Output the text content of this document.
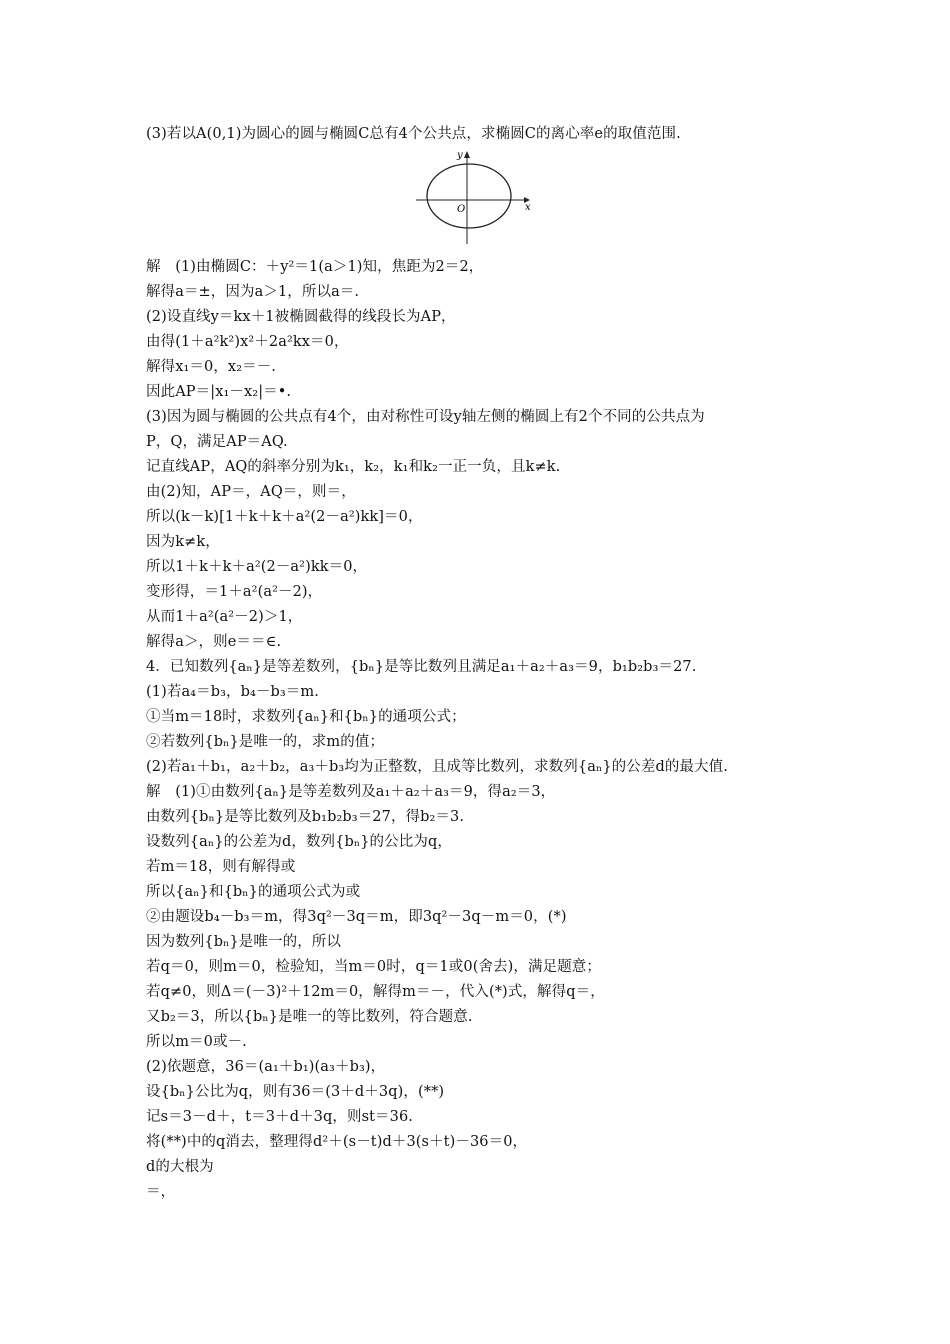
(3)若以A(0,1)为圆心的圆与椭圆C总有4个公共点，求椭圆C的离心率e的取值范围.
y
x
O
解　(1)由椭圆C：＋y²＝1(a＞1)知，焦距为2＝2，
解得a＝±，因为a＞1，所以a＝.
(2)设直线y＝kx＋1被椭圆截得的线段长为AP，
由得(1＋a²k²)x²＋2a²kx＝0，
解得x₁＝0，x₂＝－.
因此AP＝|x₁－x₂|＝•.
(3)因为圆与椭圆的公共点有4个，由对称性可设y轴左侧的椭圆上有2个不同的公共点为
P，Q，满足AP＝AQ.
记直线AP，AQ的斜率分别为k₁，k₂，k₁和k₂一正一负，且k≠k.
由(2)知，AP＝，AQ＝，则＝，
所以(k－k)[1＋k＋k＋a²(2－a²)kk]＝0，
因为k≠k，
所以1＋k＋k＋a²(2－a²)kk＝0，
变形得，＝1＋a²(a²－2)，
从而1＋a²(a²－2)＞1，
解得a＞，则e＝＝∈.
4．已知数列{aₙ}是等差数列，{bₙ}是等比数列且满足a₁＋a₂＋a₃＝9，b₁b₂b₃＝27.
(1)若a₄＝b₃，b₄－b₃＝m.
①当m＝18时，求数列{aₙ}和{bₙ}的通项公式；
②若数列{bₙ}是唯一的，求m的值；
(2)若a₁＋b₁，a₂＋b₂，a₃＋b₃均为正整数，且成等比数列，求数列{aₙ}的公差d的最大值.
解　(1)①由数列{aₙ}是等差数列及a₁＋a₂＋a₃＝9，得a₂＝3，
由数列{bₙ}是等比数列及b₁b₂b₃＝27，得b₂＝3.
设数列{aₙ}的公差为d，数列{bₙ}的公比为q，
若m＝18，则有解得或
所以{aₙ}和{bₙ}的通项公式为或
②由题设b₄－b₃＝m，得3q²－3q＝m，即3q²－3q－m＝0，(*)
因为数列{bₙ}是唯一的，所以
若q＝0，则m＝0，检验知，当m＝0时，q＝1或0(舍去)，满足题意；
若q≠0，则Δ＝(－3)²＋12m＝0，解得m＝－，代入(*)式，解得q＝，
又b₂＝3，所以{bₙ}是唯一的等比数列，符合题意.
所以m＝0或－.
(2)依题意，36＝(a₁＋b₁)(a₃＋b₃)，
设{bₙ}公比为q，则有36＝(3＋d＋3q)，(**)
记s＝3－d＋，t＝3＋d＋3q，则st＝36.
将(**)中的q消去，整理得d²＋(s－t)d＋3(s＋t)－36＝0，
d的大根为
＝，
